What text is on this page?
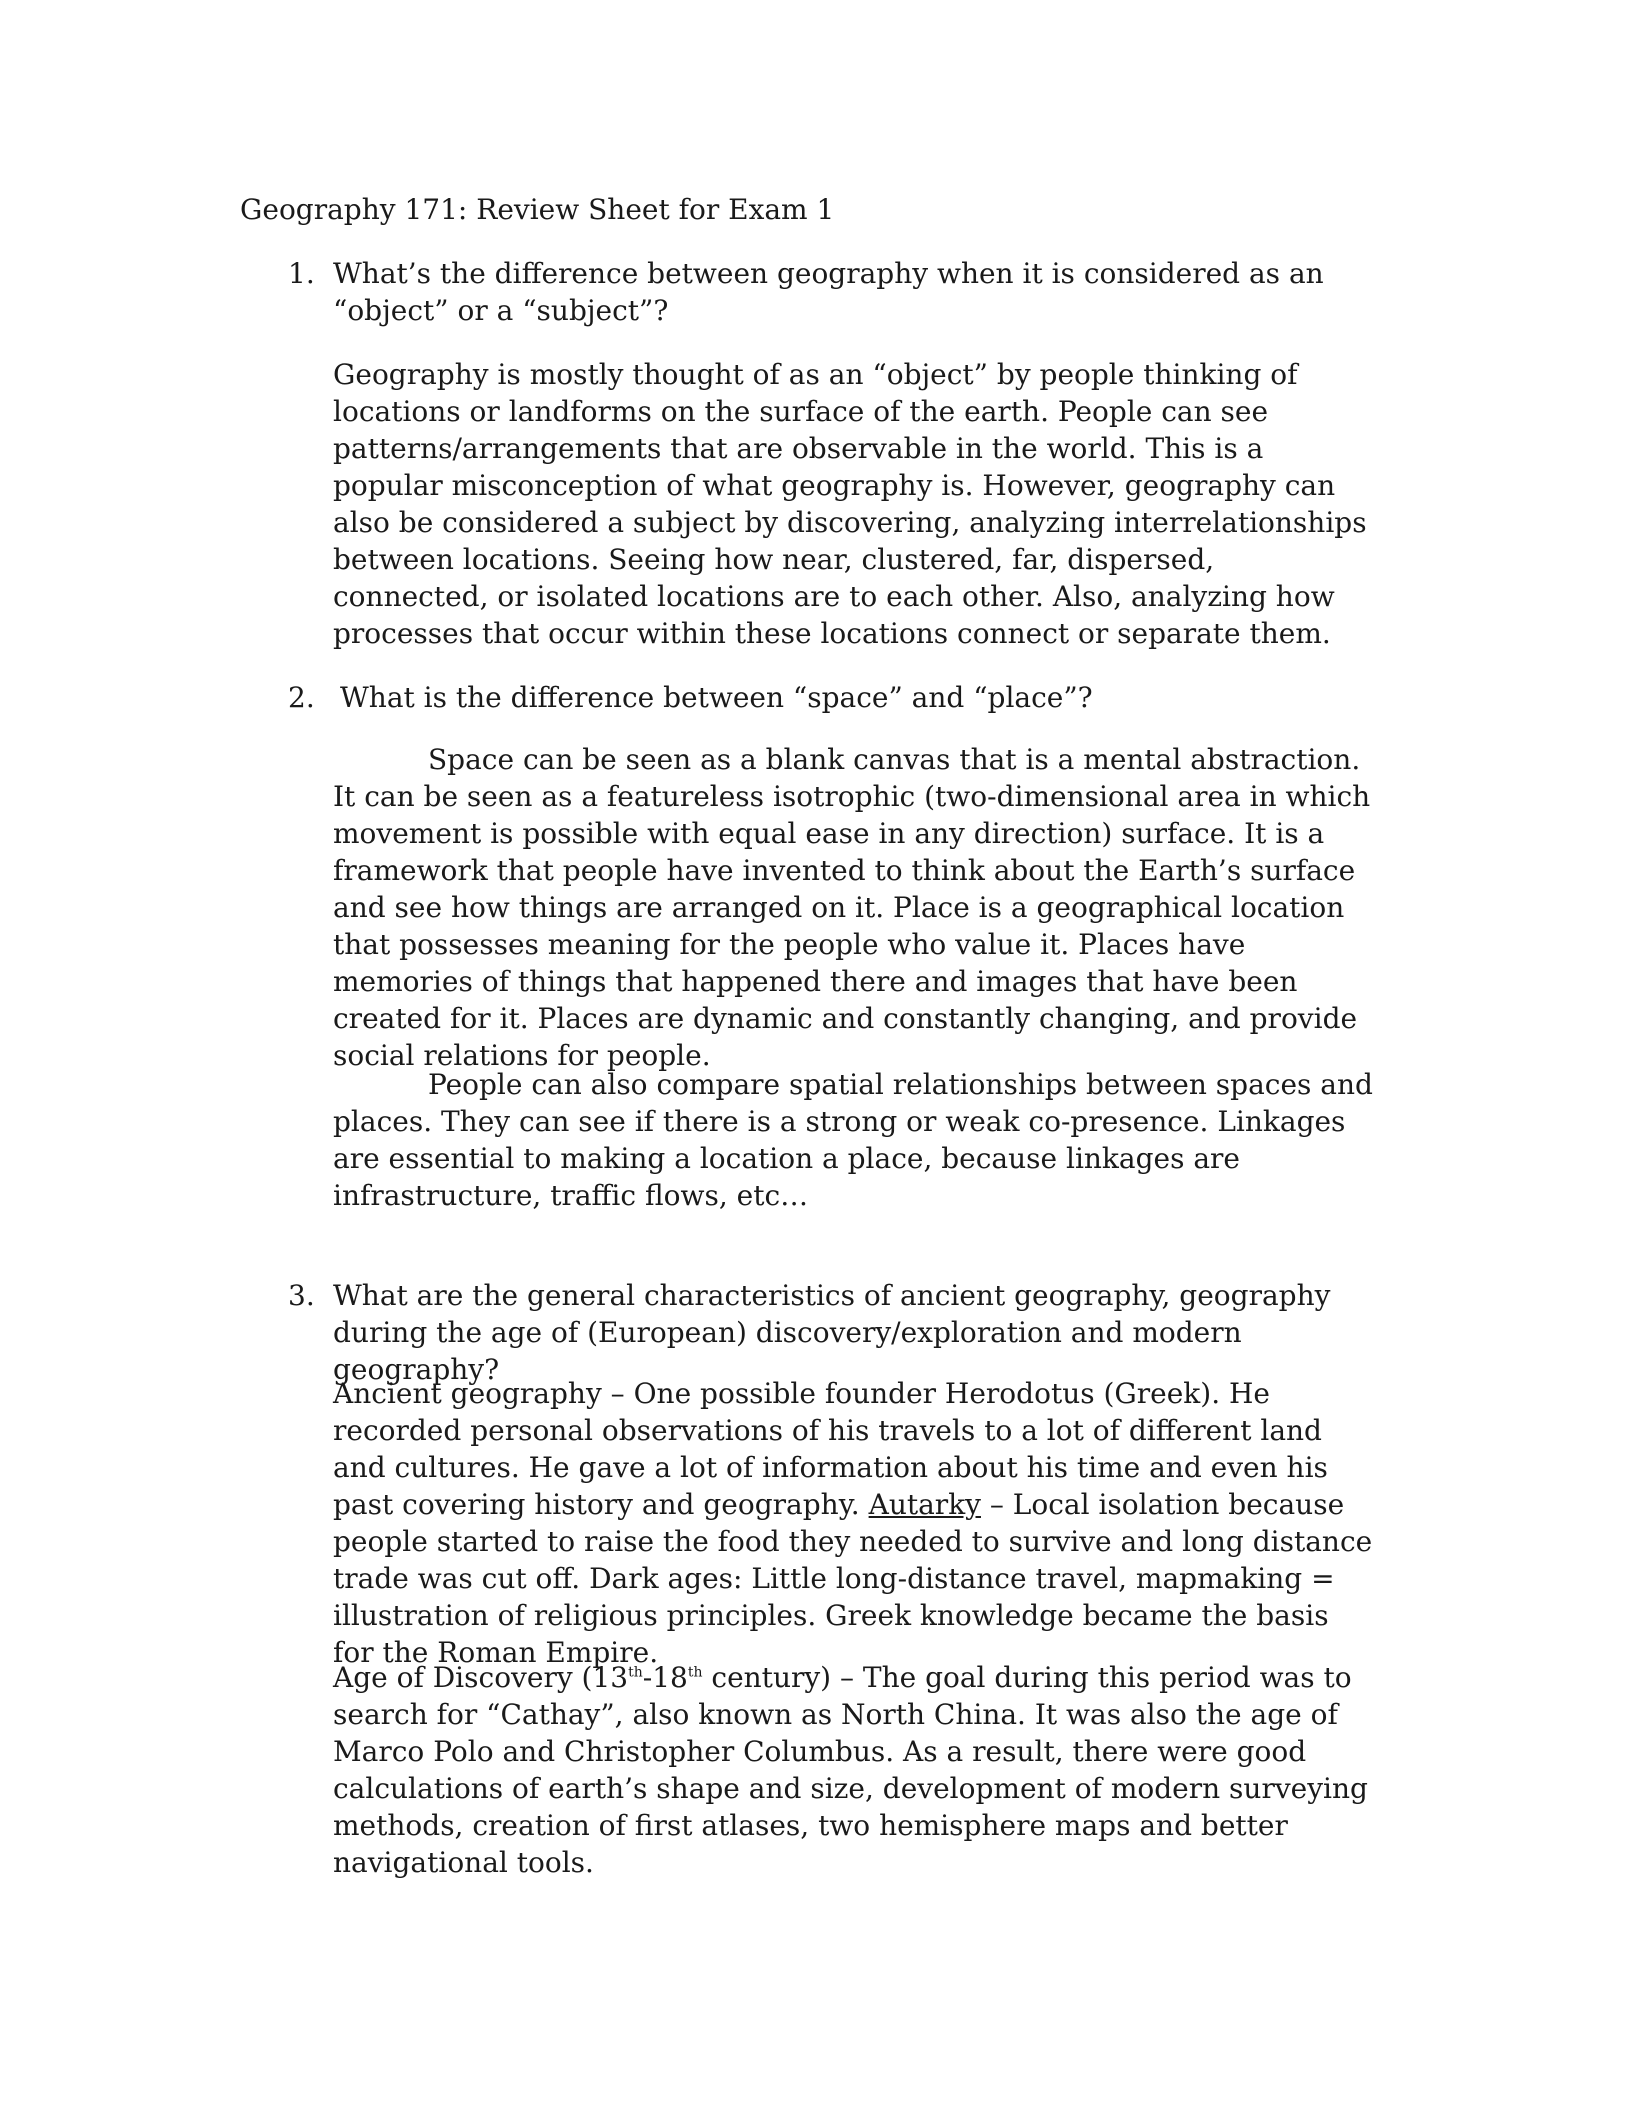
Geography 171: Review Sheet for Exam 1
1. What’s the difference between geography when it is considered as an “object” or a “subject”?

Geography is mostly thought of as an “object” by people thinking of locations or landforms on the surface of the earth. People can see patterns/arrangements that are observable in the world. This is a popular misconception of what geography is. However, geography can also be considered a subject by discovering, analyzing interrelationships between locations. Seeing how near, clustered, far, dispersed, connected, or isolated locations are to each other. Also, analyzing how processes that occur within these locations connect or separate them.

2. What is the difference between “space” and “place”?

Space can be seen as a blank canvas that is a mental abstraction. It can be seen as a featureless isotrophic (two-dimensional area in which movement is possible with equal ease in any direction) surface. It is a framework that people have invented to think about the Earth’s surface and see how things are arranged on it. Place is a geographical location that possesses meaning for the people who value it. Places have memories of things that happened there and images that have been created for it. Places are dynamic and constantly changing, and provide social relations for people.

People can also compare spatial relationships between spaces and places. They can see if there is a strong or weak co-presence. Linkages are essential to making a location a place, because linkages are infrastructure, traffic flows, etc…

3. What are the general characteristics of ancient geography, geography during the age of (European) discovery/exploration and modern geography?

Ancient geography – One possible founder Herodotus (Greek). He recorded personal observations of his travels to a lot of different land and cultures. He gave a lot of information about his time and even his past covering history and geography. Autarky – Local isolation because people started to raise the food they needed to survive and long distance trade was cut off. Dark ages: Little long-distance travel, mapmaking = illustration of religious principles. Greek knowledge became the basis for the Roman Empire.

Age of Discovery (13th-18th century) – The goal during this period was to search for “Cathay”, also known as North China. It was also the age of Marco Polo and Christopher Columbus. As a result, there were good calculations of earth’s shape and size, development of modern surveying methods, creation of first atlases, two hemisphere maps and better navigational tools.
